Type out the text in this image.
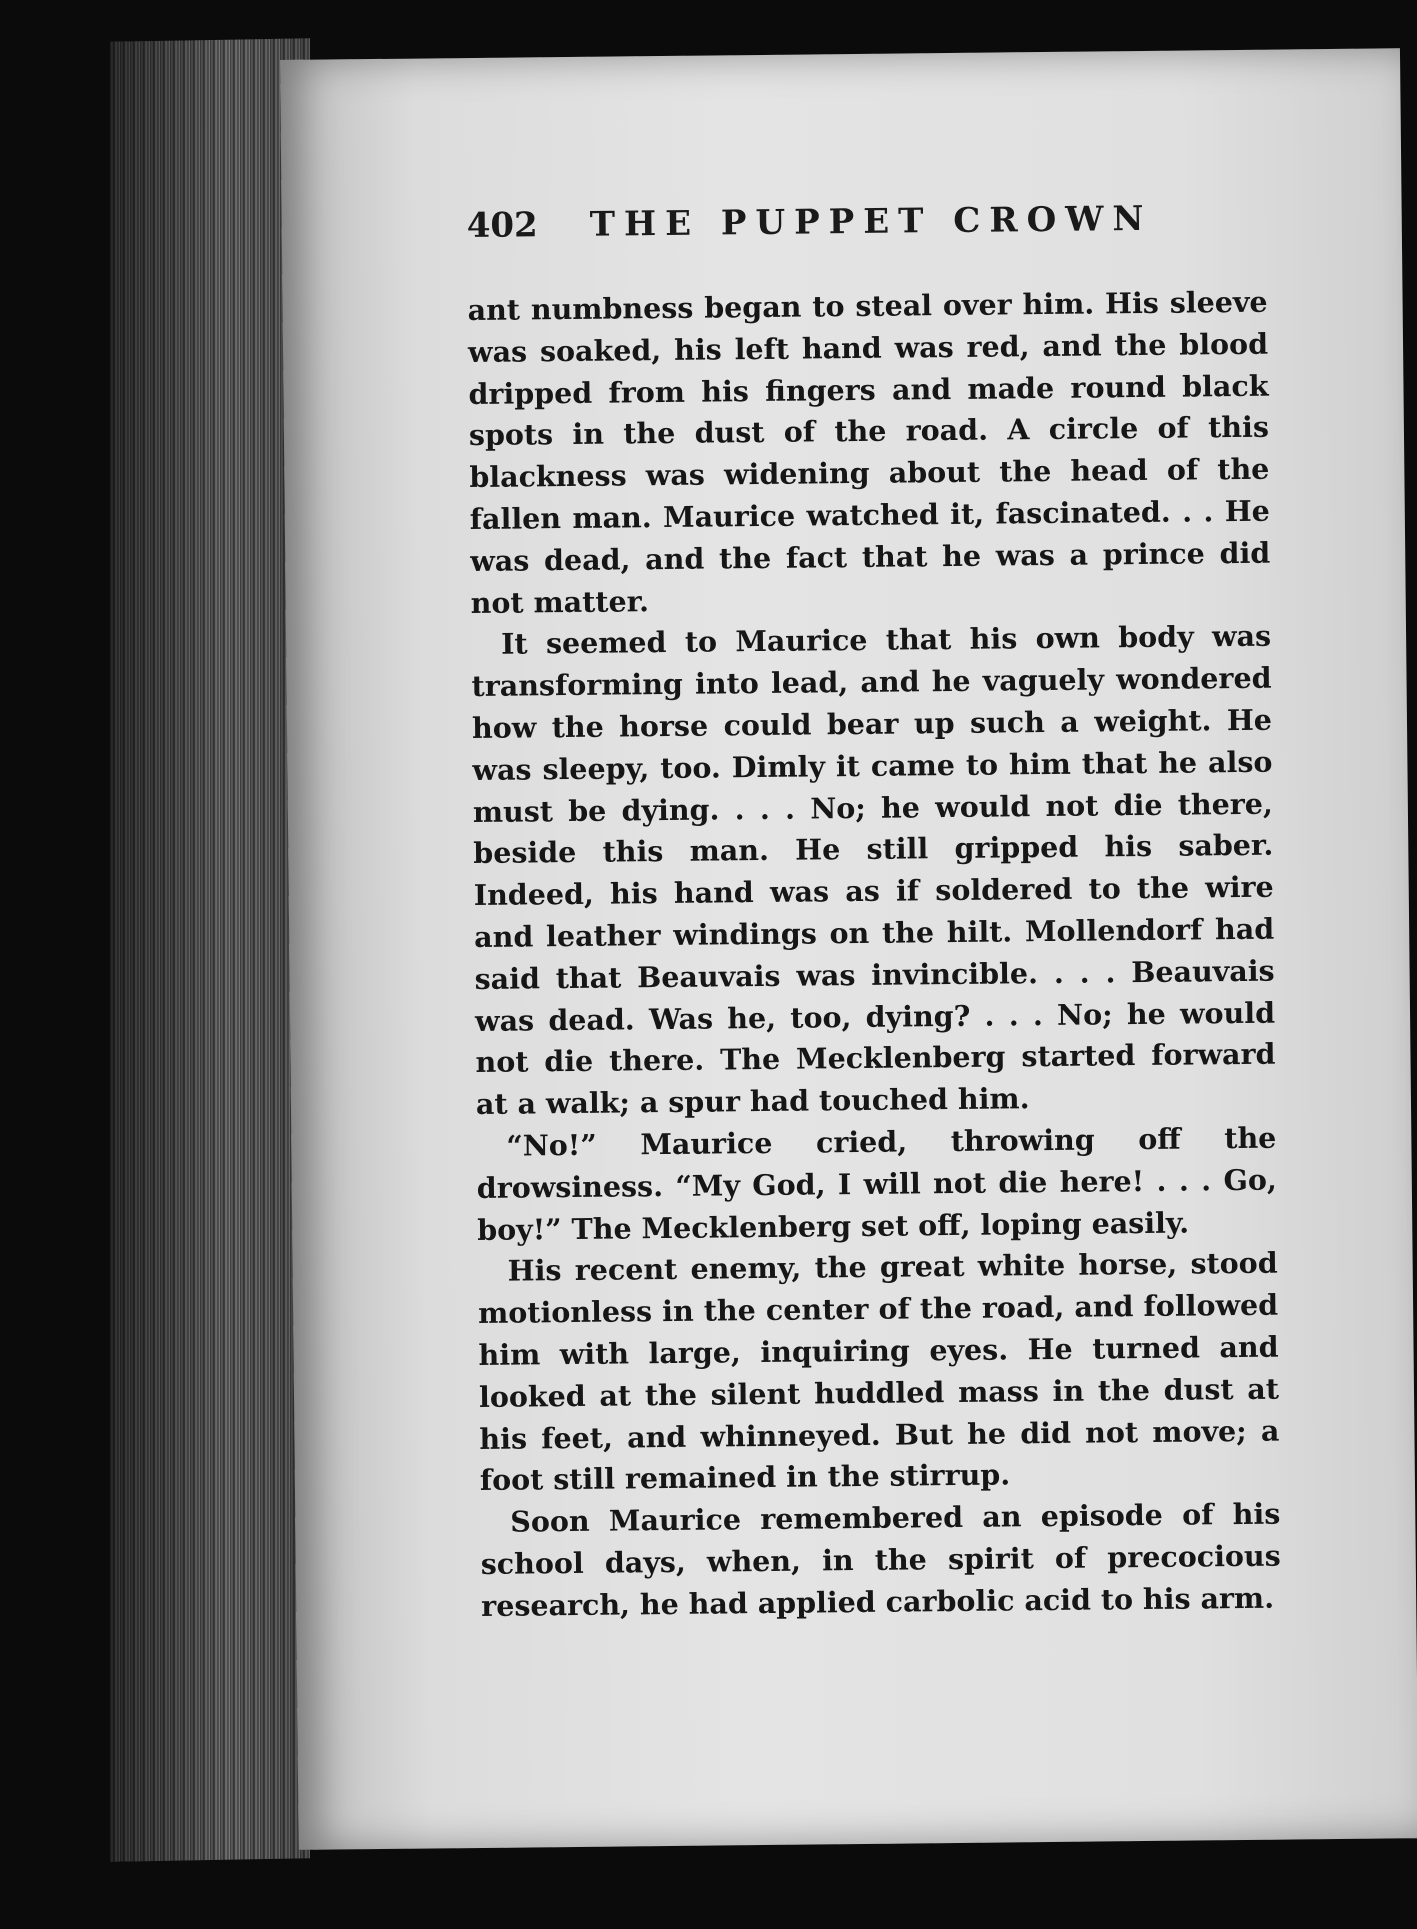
402 THE PUPPET CROWN

ant numbness began to steal over him. His sleeve was soaked, his left hand was red, and the blood dripped from his fingers and made round black spots in the dust of the road. A circle of this blackness was widening about the head of the fallen man. Maurice watched it, fascinated. . . He was dead, and the fact that he was a prince did not matter.

It seemed to Maurice that his own body was transforming into lead, and he vaguely wondered how the horse could bear up such a weight. He was sleepy, too. Dimly it came to him that he also must be dying. . . . No; he would not die there, beside this man. He still gripped his saber. Indeed, his hand was as if soldered to the wire and leather windings on the hilt. Mollendorf had said that Beauvais was invincible. . . . Beauvais was dead. Was he, too, dying? . . . No; he would not die there. The Mecklenberg started forward at a walk; a spur had touched him.

“No!” Maurice cried, throwing off the drowsiness. “My God, I will not die here! . . . Go, boy!” The Mecklenberg set off, loping easily.

His recent enemy, the great white horse, stood motionless in the center of the road, and followed him with large, inquiring eyes. He turned and looked at the silent huddled mass in the dust at his feet, and whinneyed. But he did not move; a foot still remained in the stirrup.

Soon Maurice remembered an episode of his school days, when, in the spirit of precocious research, he had applied carbolic acid to his arm.
